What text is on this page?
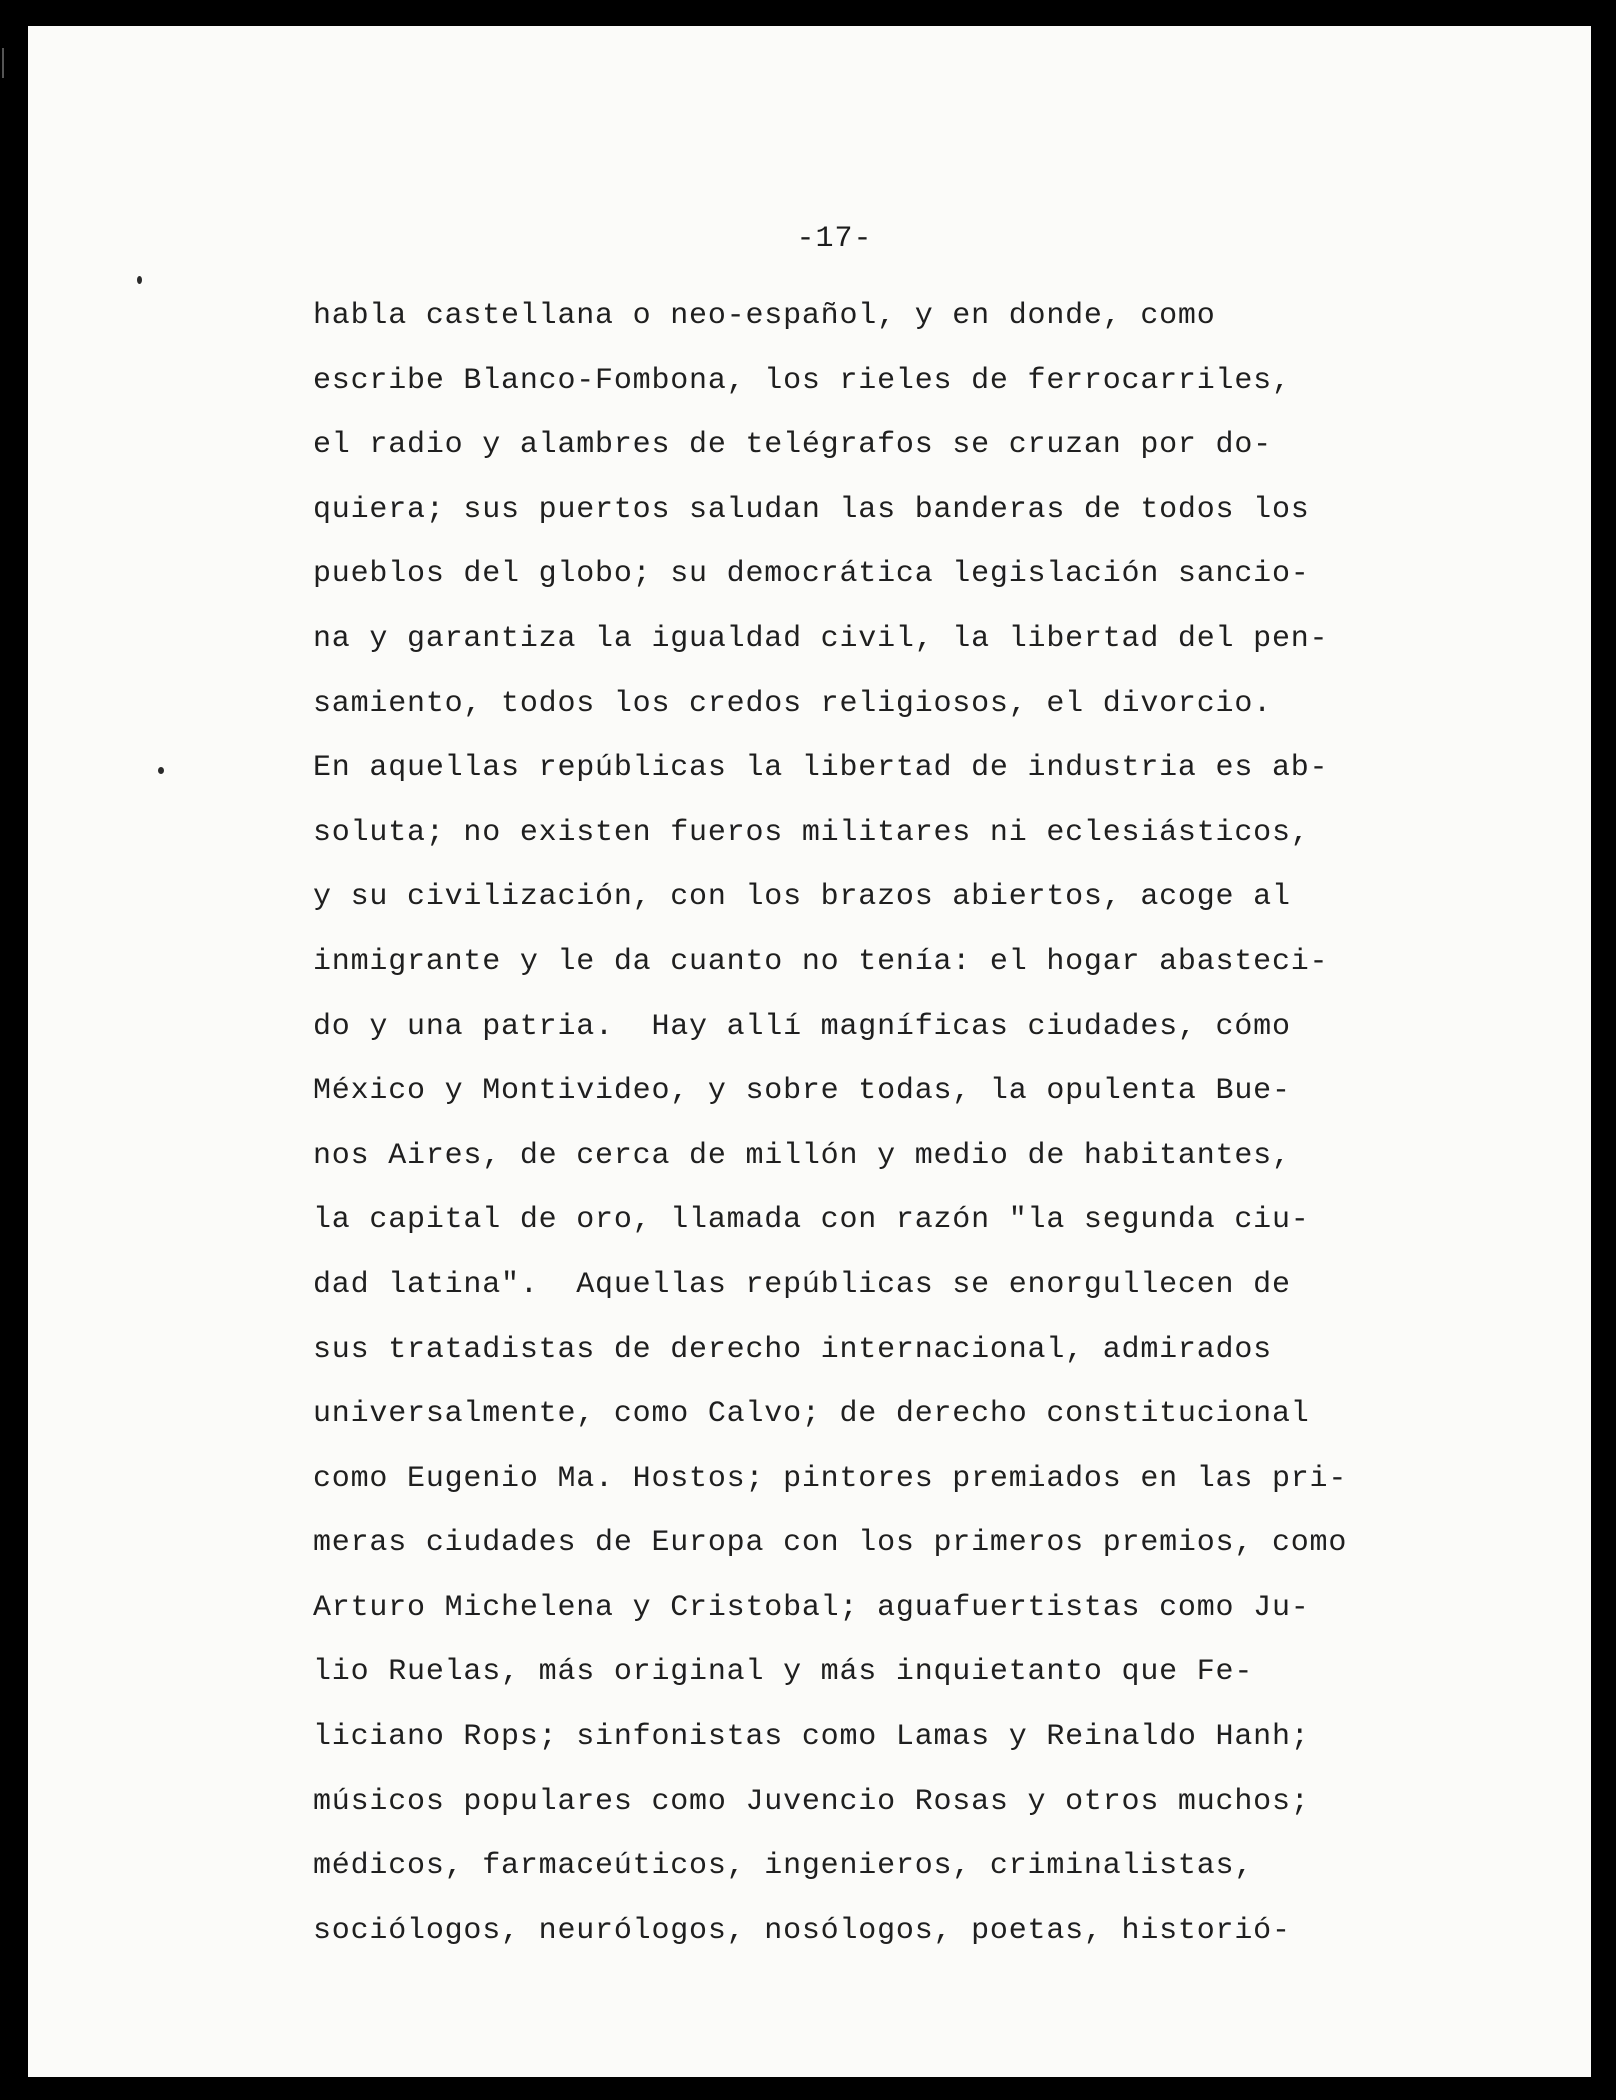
-17-
habla castellana o neo-español, y en donde, como
escribe Blanco-Fombona, los rieles de ferrocarriles,
el radio y alambres de telégrafos se cruzan por do-
quiera; sus puertos saludan las banderas de todos los
pueblos del globo; su democrática legislación sancio-
na y garantiza la igualdad civil, la libertad del pen-
samiento, todos los credos religiosos, el divorcio.
En aquellas repúblicas la libertad de industria es ab-
soluta; no existen fueros militares ni eclesiásticos,
y su civilización, con los brazos abiertos, acoge al
inmigrante y le da cuanto no tenía: el hogar abasteci-
do y una patria.  Hay allí magníficas ciudades, cómo
México y Montivideo, y sobre todas, la opulenta Bue-
nos Aires, de cerca de millón y medio de habitantes,
la capital de oro, llamada con razón "la segunda ciu-
dad latina".  Aquellas repúblicas se enorgullecen de
sus tratadistas de derecho internacional, admirados
universalmente, como Calvo; de derecho constitucional
como Eugenio Ma. Hostos; pintores premiados en las pri-
meras ciudades de Europa con los primeros premios, como
Arturo Michelena y Cristobal; aguafuertistas como Ju-
lio Ruelas, más original y más inquietanto que Fe-
liciano Rops; sinfonistas como Lamas y Reinaldo Hanh;
músicos populares como Juvencio Rosas y otros muchos;
médicos, farmaceúticos, ingenieros, criminalistas,
sociólogos, neurólogos, nosólogos, poetas, historió-
